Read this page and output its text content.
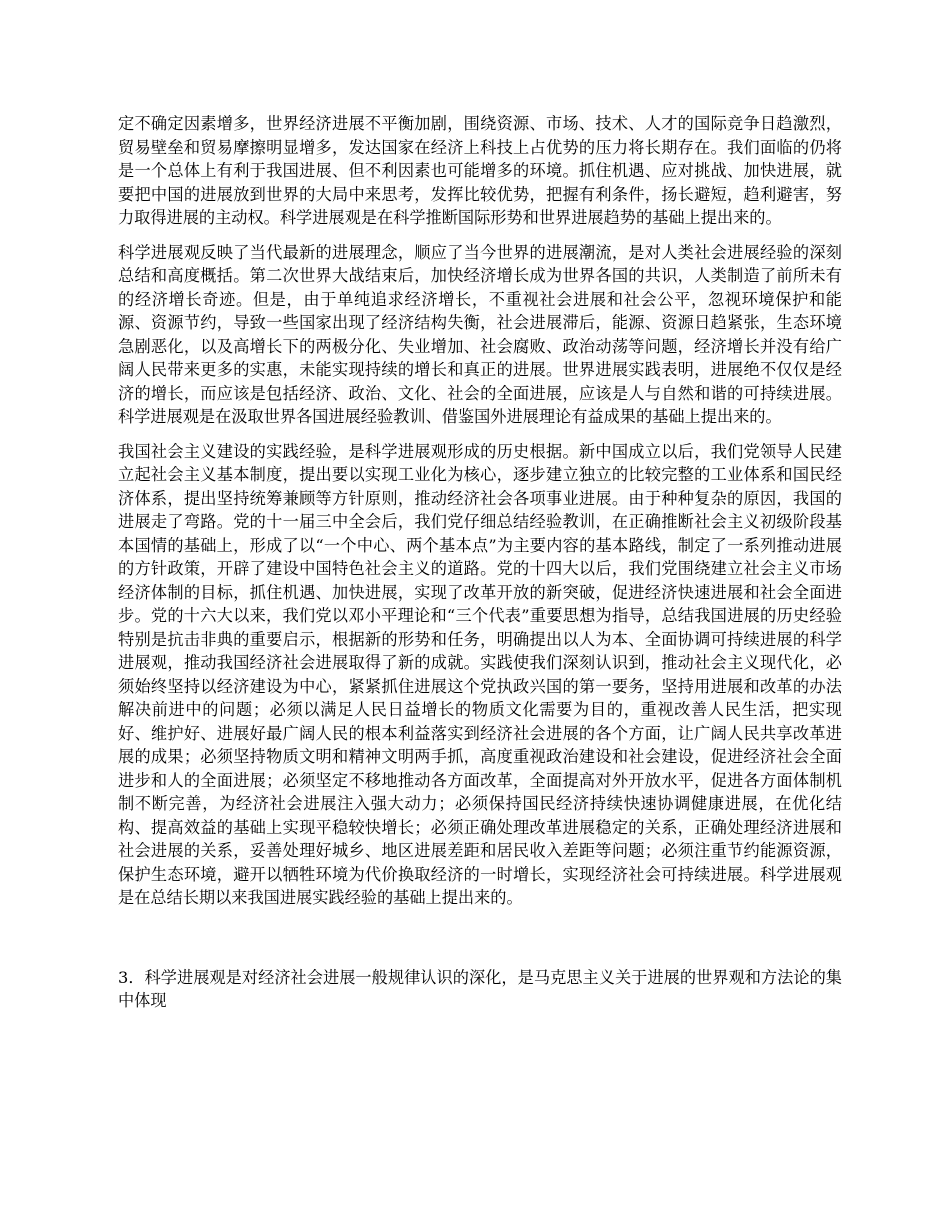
定不确定因素增多，世界经济进展不平衡加剧，围绕资源、市场、技术、人才的国际竞争日趋激烈，贸易壁垒和贸易摩擦明显增多，发达国家在经济上科技上占优势的压力将长期存在。我们面临的仍将是一个总体上有利于我国进展、但不利因素也可能增多的环境。抓住机遇、应对挑战、加快进展，就要把中国的进展放到世界的大局中来思考，发挥比较优势，把握有利条件，扬长避短，趋利避害，努力取得进展的主动权。科学进展观是在科学推断国际形势和世界进展趋势的基础上提出来的。

科学进展观反映了当代最新的进展理念，顺应了当今世界的进展潮流，是对人类社会进展经验的深刻总结和高度概括。第二次世界大战结束后，加快经济增长成为世界各国的共识，人类制造了前所未有的经济增长奇迹。但是，由于单纯追求经济增长，不重视社会进展和社会公平，忽视环境保护和能源、资源节约，导致一些国家出现了经济结构失衡，社会进展滞后，能源、资源日趋紧张，生态环境急剧恶化，以及高增长下的两极分化、失业增加、社会腐败、政治动荡等问题，经济增长并没有给广阔人民带来更多的实惠，未能实现持续的增长和真正的进展。世界进展实践表明，进展绝不仅仅是经济的增长，而应该是包括经济、政治、文化、社会的全面进展，应该是人与自然和谐的可持续进展。科学进展观是在汲取世界各国进展经验教训、借鉴国外进展理论有益成果的基础上提出来的。

我国社会主义建设的实践经验，是科学进展观形成的历史根据。新中国成立以后，我们党领导人民建立起社会主义基本制度，提出要以实现工业化为核心，逐步建立独立的比较完整的工业体系和国民经济体系，提出坚持统筹兼顾等方针原则，推动经济社会各项事业进展。由于种种复杂的原因，我国的进展走了弯路。党的十一届三中全会后，我们党仔细总结经验教训，在正确推断社会主义初级阶段基本国情的基础上，形成了以“一个中心、两个基本点”为主要内容的基本路线，制定了一系列推动进展的方针政策，开辟了建设中国特色社会主义的道路。党的十四大以后，我们党围绕建立社会主义市场经济体制的目标，抓住机遇、加快进展，实现了改革开放的新突破，促进经济快速进展和社会全面进步。党的十六大以来，我们党以邓小平理论和“三个代表”重要思想为指导，总结我国进展的历史经验特别是抗击非典的重要启示，根据新的形势和任务，明确提出以人为本、全面协调可持续进展的科学进展观，推动我国经济社会进展取得了新的成就。实践使我们深刻认识到，推动社会主义现代化，必须始终坚持以经济建设为中心，紧紧抓住进展这个党执政兴国的第一要务，坚持用进展和改革的办法解决前进中的问题；必须以满足人民日益增长的物质文化需要为目的，重视改善人民生活，把实现好、维护好、进展好最广阔人民的根本利益落实到经济社会进展的各个方面，让广阔人民共享改革进展的成果；必须坚持物质文明和精神文明两手抓，高度重视政治建设和社会建设，促进经济社会全面进步和人的全面进展；必须坚定不移地推动各方面改革，全面提高对外开放水平，促进各方面体制机制不断完善，为经济社会进展注入强大动力；必须保持国民经济持续快速协调健康进展，在优化结构、提高效益的基础上实现平稳较快增长；必须正确处理改革进展稳定的关系，正确处理经济进展和社会进展的关系，妥善处理好城乡、地区进展差距和居民收入差距等问题；必须注重节约能源资源，保护生态环境，避开以牺牲环境为代价换取经济的一时增长，实现经济社会可持续进展。科学进展观是在总结长期以来我国进展实践经验的基础上提出来的。

3．科学进展观是对经济社会进展一般规律认识的深化，是马克思主义关于进展的世界观和方法论的集中体现
